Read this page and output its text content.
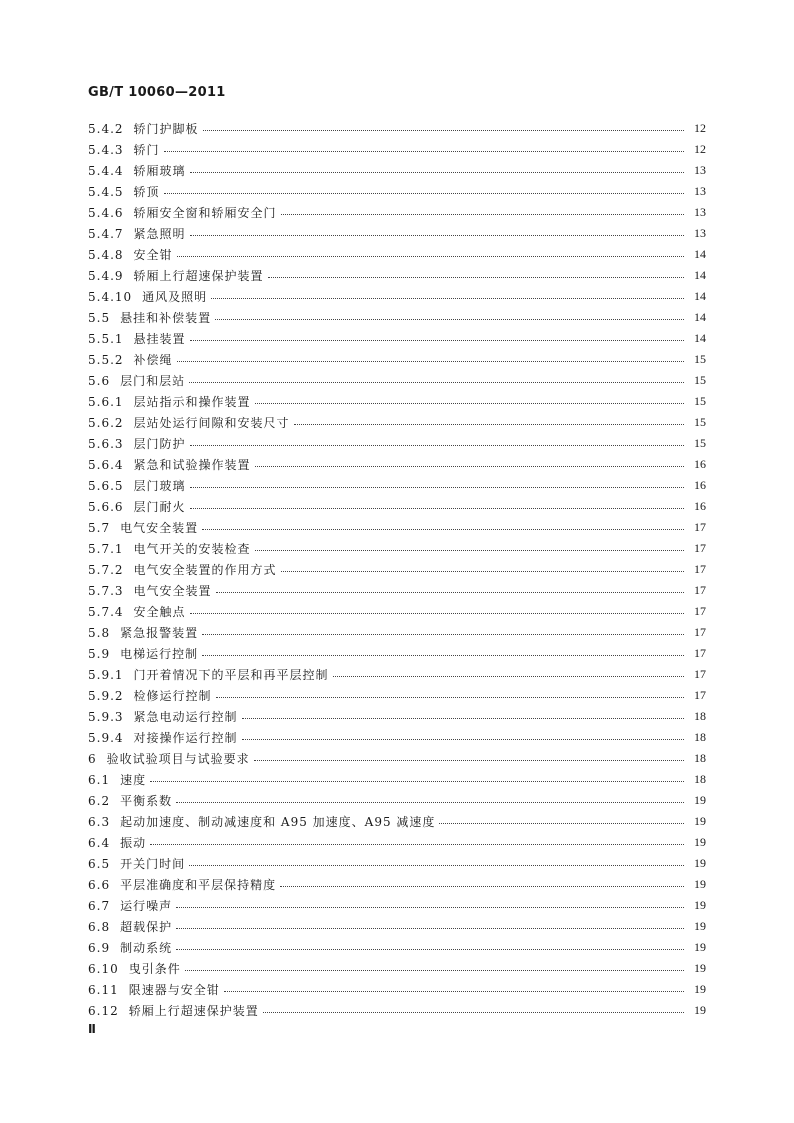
GB/T 10060—2011
5.4.2 轿门护脚板	12
5.4.3 轿门	12
5.4.4 轿厢玻璃	13
5.4.5 轿顶	13
5.4.6 轿厢安全窗和轿厢安全门	13
5.4.7 紧急照明	13
5.4.8 安全钳	14
5.4.9 轿厢上行超速保护装置	14
5.4.10 通风及照明	14
5.5 悬挂和补偿装置	14
5.5.1 悬挂装置	14
5.5.2 补偿绳	15
5.6 层门和层站	15
5.6.1 层站指示和操作装置	15
5.6.2 层站处运行间隙和安装尺寸	15
5.6.3 层门防护	15
5.6.4 紧急和试验操作装置	16
5.6.5 层门玻璃	16
5.6.6 层门耐火	16
5.7 电气安全装置	17
5.7.1 电气开关的安装检查	17
5.7.2 电气安全装置的作用方式	17
5.7.3 电气安全装置	17
5.7.4 安全触点	17
5.8 紧急报警装置	17
5.9 电梯运行控制	17
5.9.1 门开着情况下的平层和再平层控制	17
5.9.2 检修运行控制	17
5.9.3 紧急电动运行控制	18
5.9.4 对接操作运行控制	18
6 验收试验项目与试验要求	18
6.1 速度	18
6.2 平衡系数	19
6.3 起动加速度、制动减速度和 A95 加速度、A95 减速度	19
6.4 振动	19
6.5 开关门时间	19
6.6 平层准确度和平层保持精度	19
6.7 运行噪声	19
6.8 超载保护	19
6.9 制动系统	19
6.10 曳引条件	19
6.11 限速器与安全钳	19
6.12 轿厢上行超速保护装置	19
Ⅱ
